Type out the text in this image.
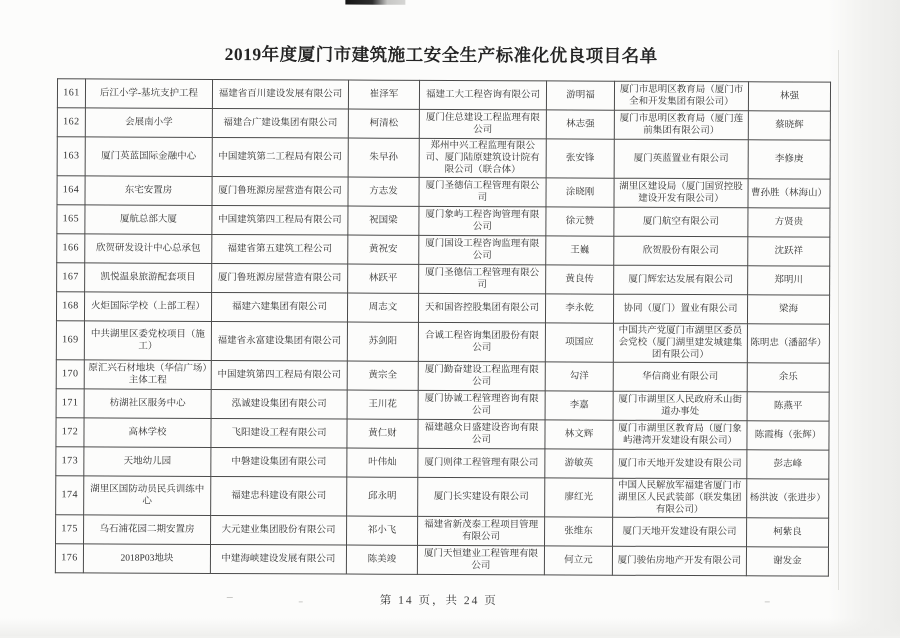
2019年度厦门市建筑施工安全生产标准化优良项目名单
161	后江小学-基坑支护工程	福建省百川建设发展有限公司	崔泽军	福建工大工程咨询有限公司	游明福	厦门市思明区教育局（厦门市全和开发集团有限公司）	林强
162	会展南小学	福建合广建设集团有限公司	柯清松	厦门住总建设工程监理有限公司	林志强	厦门市思明区教育局（厦门莲前集团有限公司）	蔡晓辉
163	厦门英蓝国际金融中心	中国建筑第二工程局有限公司	朱早孙	郑州中兴工程监理有限公司、厦门陆原建筑设计院有限公司（联合体）	张安锋	厦门英蓝置业有限公司	李修庚
164	东宅安置房	厦门鲁班源房屋营造有限公司	方志发	厦门圣德信工程管理有限公司	涂晓刚	湖里区建设局（厦门国贸控股建设开发有限公司）	曹孙胜（林海山）
165	厦航总部大厦	中国建筑第四工程局有限公司	祝国梁	厦门象屿工程咨询管理有限公司	徐元赞	厦门航空有限公司	方贤贵
166	欣贺研发设计中心总承包	福建省第五建筑工程公司	黄祝安	厦门国设工程咨询监理有限公司	王巍	欣贺股份有限公司	沈跃祥
167	凯悦温泉旅游配套项目	厦门鲁班源房屋营造有限公司	林跃平	厦门圣德信工程管理有限公司	黄良传	厦门辉宏达发展有限公司	郑明川
168	火炬国际学校（上部工程）	福建六建集团有限公司	周志文	天和国咨控股集团有限公司	李永乾	协同（厦门）置业有限公司	梁海
169	中共湖里区委党校项目（施工）	福建省永富建设集团有限公司	苏剑阳	合诚工程咨询集团股份有限公司	项国应	中国共产党厦门市湖里区委员会党校（厦门湖里建发城建集团有限公司）	陈明忠（潘韶华）
170	原汇兴石材地块（华信广场）主体工程	中国建筑第四工程局有限公司	黄宗全	厦门勤奋建设工程监理有限公司	勾洋	华信商业有限公司	余乐
171	枋湖社区服务中心	泓诚建设集团有限公司	王川花	厦门协诚工程管理咨询有限公司	李嘉	厦门市湖里区人民政府禾山街道办事处	陈燕平
172	高林学校	飞阳建设工程有限公司	黄仁财	福建越众日盛建设咨询有限公司	林文辉	厦门市湖里区教育局（厦门象屿港湾开发建设有限公司）	陈霞梅（张辉）
173	天地幼儿园	中磐建设集团有限公司	叶伟灿	厦门则律工程管理有限公司	游敏英	厦门市天地开发建设有限公司	彭志峰
174	湖里区国防动员民兵训练中心	福建忠科建设有限公司	邱永明	厦门长实建设有限公司	廖红光	中国人民解放军福建省厦门市湖里区人民武装部（联发集团有限公司）	杨洪波（张进步）
175	乌石浦花园二期安置房	大元建业集团股份有限公司	祁小飞	福建省新茂泰工程项目管理有限公司	张维东	厦门天地开发建设有限公司	柯紫良
176	2018P03地块	中建海峡建设发展有限公司	陈美竣	厦门天恒建业工程管理有限公司	何立元	厦门骏佑房地产开发有限公司	谢发金
第 14 页，共 24 页
